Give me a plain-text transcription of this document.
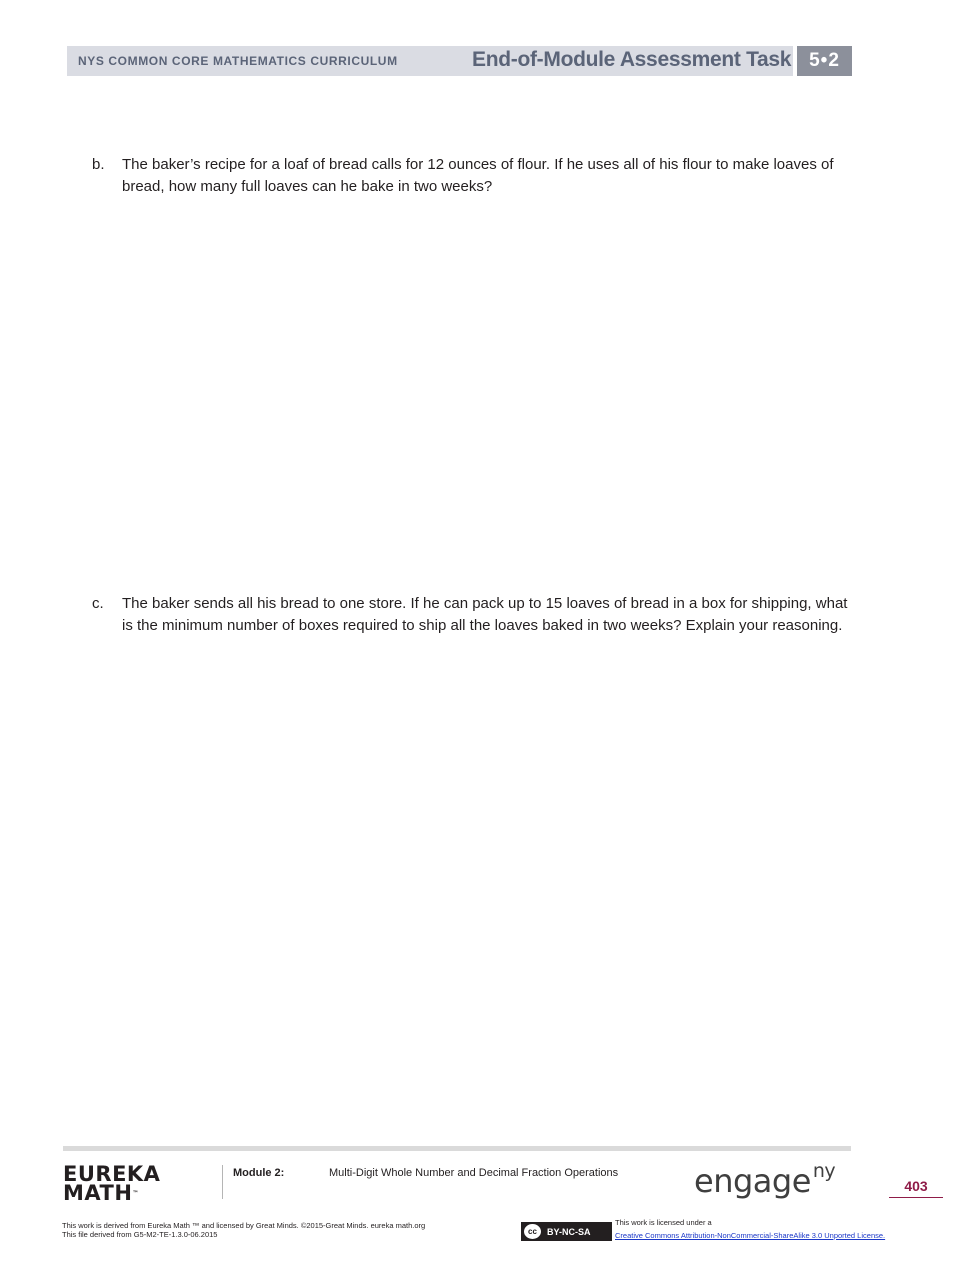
NYS COMMON CORE MATHEMATICS CURRICULUM	End-of-Module Assessment Task 5•2
b. The baker’s recipe for a loaf of bread calls for 12 ounces of flour. If he uses all of his flour to make loaves of bread, how many full loaves can he bake in two weeks?
c. The baker sends all his bread to one store. If he can pack up to 15 loaves of bread in a box for shipping, what is the minimum number of boxes required to ship all the loaves baked in two weeks? Explain your reasoning.
EUREKA
MATH™
Module 2:	Multi-Digit Whole Number and Decimal Fraction Operations engage $^{ny}$
403
This work is derived from Eureka Math ™ and licensed by Great Minds. ©2015-Great Minds. eureka math.org
This file derived from G5-M2-TE-1.3.0-06.2015	cc	BY-NC-SA
This work is licensed under a
Creative Commons Attribution-NonCommercial-ShareAlike 3.0 Unported License.
